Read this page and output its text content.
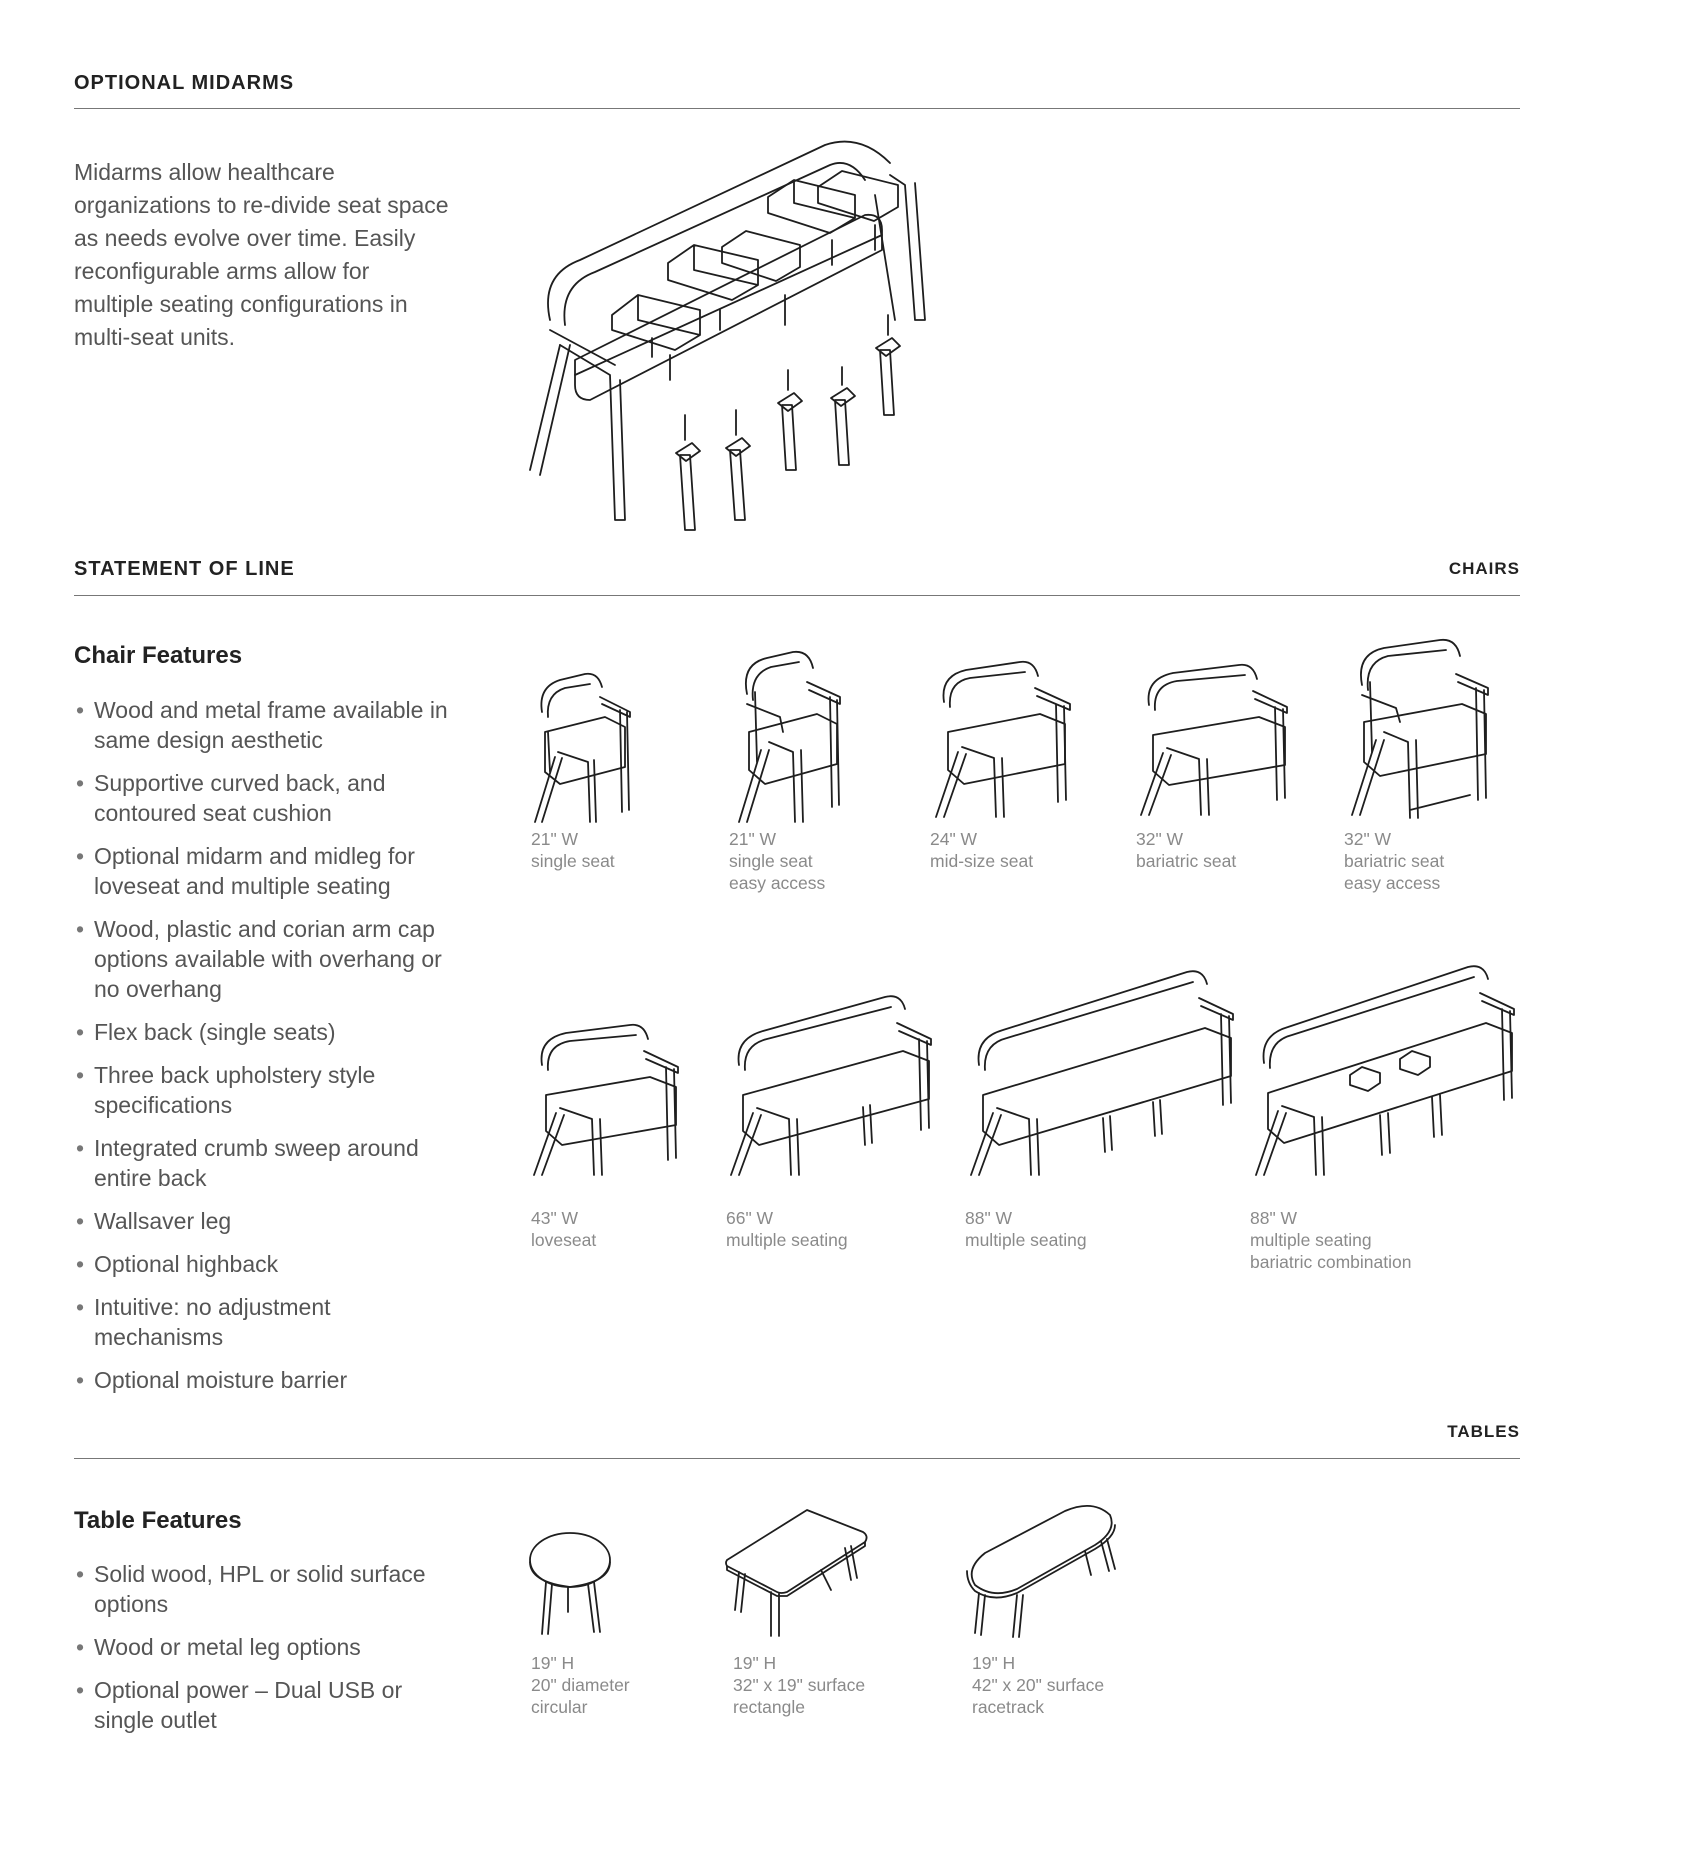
OPTIONAL MIDARMS
Midarms allow healthcare organizations to re-divide seat space as needs evolve over time. Easily reconfigurable arms allow for multiple seating configurations in multi-seat units.
STATEMENT OF LINE	CHAIRS
Chair Features
• Wood and metal frame available in same design aesthetic
• Supportive curved back, and contoured seat cushion
• Optional midarm and midleg for loveseat and multiple seating
• Wood, plastic and corian arm cap options available with overhang or no overhang
• Flex back (single seats)
• Three back upholstery style specifications
• Integrated crumb sweep around entire back
• Wallsaver leg
• Optional highback
• Intuitive: no adjustment mechanisms
• Optional moisture barrier
21" W
single seat
21" W
single seat
easy access
24" W
mid-size seat
32" W
bariatric seat
32" W
bariatric seat
easy access
43" W
loveseat
66" W
multiple seating
88" W
multiple seating
88" W
multiple seating
bariatric combination
TABLES
Table Features
• Solid wood, HPL or solid surface options
• Wood or metal leg options
• Optional power – Dual USB or single outlet
19" H
20" diameter
circular
19" H
32" x 19" surface
rectangle
19" H
42" x 20" surface
racetrack
